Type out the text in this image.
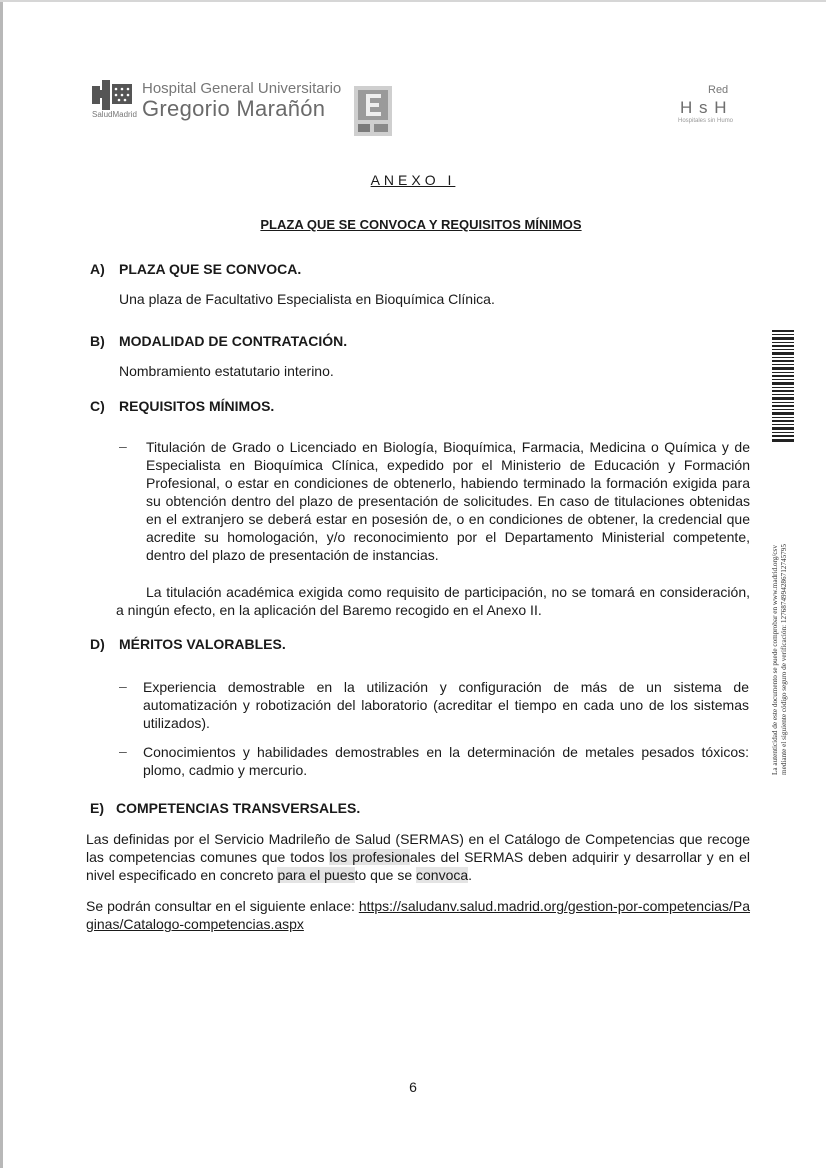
SaludMadrid
Hospital General Universitario
Gregorio Marañón
Red
H s H
Hospitales sin Humo
ANEXO I
PLAZA QUE SE CONVOCA Y REQUISITOS MÍNIMOS
A) PLAZA QUE SE CONVOCA.
Una plaza de Facultativo Especialista en Bioquímica Clínica.
B) MODALIDAD DE CONTRATACIÓN.
Nombramiento estatutario interino.
C) REQUISITOS MÍNIMOS.
– Titulación de Grado o Licenciado en Biología, Bioquímica, Farmacia, Medicina o Química y de Especialista en Bioquímica Clínica, expedido por el Ministerio de Educación y Formación Profesional, o estar en condiciones de obtenerlo, habiendo terminado la formación exigida para su obtención dentro del plazo de presentación de solicitudes. En caso de titulaciones obtenidas en el extranjero se deberá estar en posesión de, o en condiciones de obtener, la credencial que acredite su homologación, y/o reconocimiento por el Departamento Ministerial competente, dentro del plazo de presentación de instancias.
La titulación académica exigida como requisito de participación, no se tomará en consideración, a ningún efecto, en la aplicación del Baremo recogido en el Anexo II.
D) MÉRITOS VALORABLES.
– Experiencia demostrable en la utilización y configuración de más de un sistema de automatización y robotización del laboratorio (acreditar el tiempo en cada uno de los sistemas utilizados).
– Conocimientos y habilidades demostrables en la determinación de metales pesados tóxicos: plomo, cadmio y mercurio.
E) COMPETENCIAS TRANSVERSALES.
Las definidas por el Servicio Madrileño de Salud (SERMAS) en el Catálogo de Competencias que recoge las competencias comunes que todos los profesionales del SERMAS deben adquirir y desarrollar y en el nivel especificado en concreto para el puesto que se convoca.
Se podrán consultar en el siguiente enlace: https://saludanv.salud.madrid.org/gestion-por-competencias/Paginas/Catalogo-competencias.aspx
6
La autenticidad de este documento se puede comprobar en www.madrid.org/csv mediante el siguiente código seguro de verificación: 1276874994286712745795
